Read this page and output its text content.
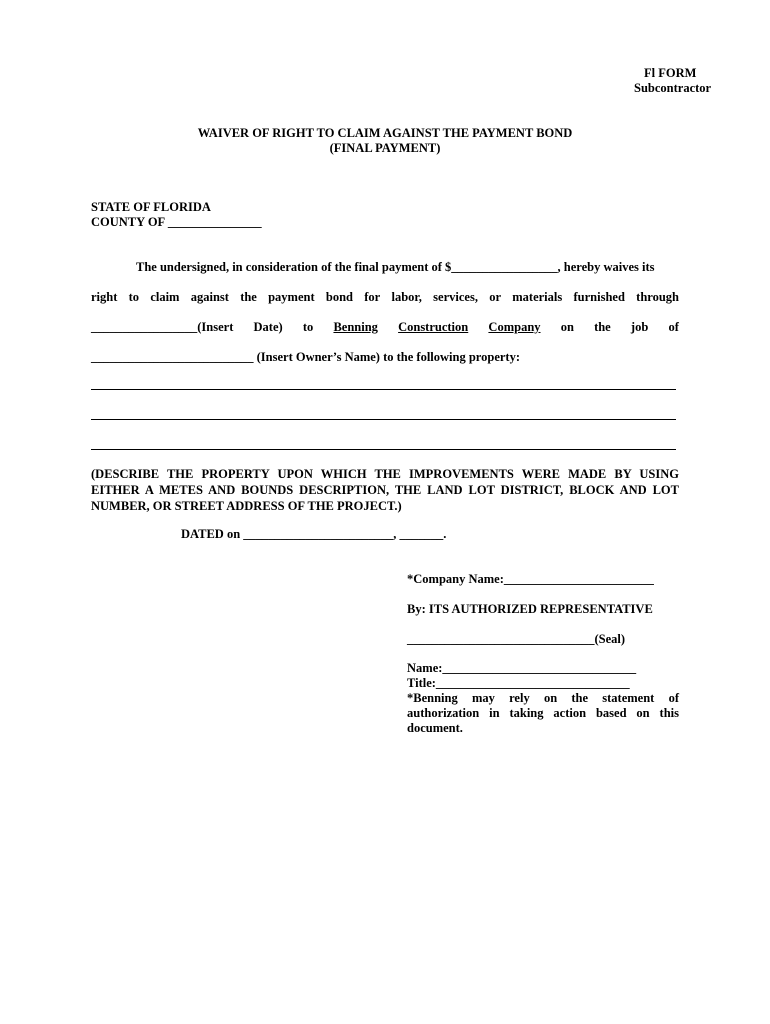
Fl FORM
Subcontractor
WAIVER OF RIGHT TO CLAIM AGAINST THE PAYMENT BOND
(FINAL PAYMENT)
STATE OF FLORIDA
COUNTY OF _______________
The undersigned, in consideration of the final payment of $_________________, hereby waives its
right to claim against the payment bond for labor, services, or materials furnished through
_________________(Insert Date) to Benning Construction Company on the job of
__________________________ (Insert Owner’s Name) to the following property:
(DESCRIBE THE PROPERTY UPON WHICH THE IMPROVEMENTS WERE MADE BY USING EITHER A METES AND BOUNDS DESCRIPTION, THE LAND LOT DISTRICT, BLOCK AND LOT NUMBER, OR STREET ADDRESS OF THE PROJECT.)
DATED on ________________________, _______.
*Company Name:________________________
By: ITS AUTHORIZED REPRESENTATIVE
______________________________(Seal)
Name:_______________________________
Title:_______________________________
*Benning may rely on the statement of authorization in taking action based on this document.
